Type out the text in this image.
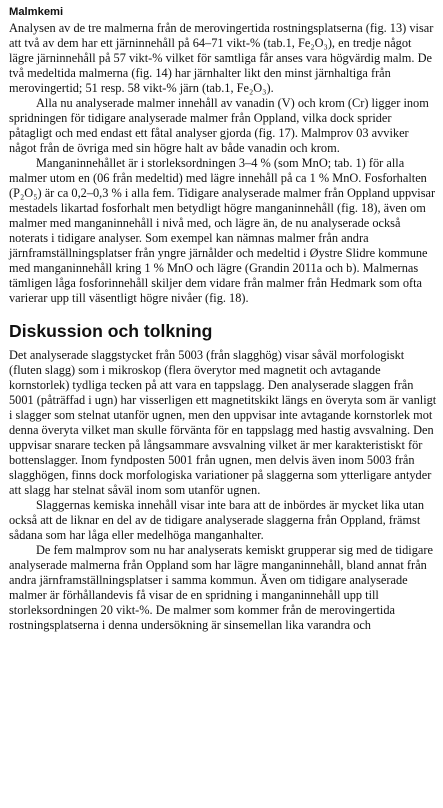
Malmkemi

Analysen av de tre malmerna från de merovingertida rostningsplatserna (fig. 13) visar att två av dem har ett järninnehåll på 64–71 vikt-% (tab.1, Fe₂O₃), en tredje något lägre järninnehåll på 57 vikt-% vilket för samtliga får anses vara högvärdig malm. De två medeltida malmerna (fig. 14) har järnhalter likt den minst järnhaltiga från merovingertid; 51 resp. 58 vikt-% järn (tab.1, Fe₂O₃).

Alla nu analyserade malmer innehåll av vanadin (V) och krom (Cr) ligger inom spridningen för tidigare analyserade malmer från Oppland, vilka dock sprider påtagligt och med endast ett fåtal analyser gjorda (fig. 17). Malmprov 03 avviker något från de övriga med sin högre halt av både vanadin och krom.

Manganinnehållet är i storleksordningen 3–4 % (som MnO; tab. 1) för alla malmer utom en (06 från medeltid) med lägre innehåll på ca 1 % MnO. Fosforhalten (P₂O₅) är ca 0,2–0,3 % i alla fem. Tidigare analyserade malmer från Oppland uppvisar mestadels likartad fosforhalt men betydligt högre manganinnehåll (fig. 18), även om malmer med manganinnehåll i nivå med, och lägre än, de nu analyserade också noterats i tidigare analyser. Som exempel kan nämnas malmer från andra järnframställningsplatser från yngre järnålder och medeltid i Øystre Slidre kommune med manganinnehåll kring 1 % MnO och lägre (Grandin 2011a och b). Malmernas tämligen låga fosforinnehåll skiljer dem vidare från malmer från Hedmark som ofta varierar upp till väsentligt högre nivåer (fig. 18).

Diskussion och tolkning

Det analyserade slaggstycket från 5003 (från slagghög) visar såväl morfologiskt (fluten slagg) som i mikroskop (flera överytor med magnetit och avtagande kornstorlek) tydliga tecken på att vara en tappslagg. Den analyserade slaggen från 5001 (påträffad i ugn) har visserligen ett magnetitskikt längs en överyta som är vanligt i slagger som stelnat utanför ugnen, men den uppvisar inte avtagande kornstorlek mot denna överyta vilket man skulle förvänta för en tappslagg med hastig avsvalning. Den uppvisar snarare tecken på långsammare avsvalning vilket är mer karakteristiskt för bottenslagger. Inom fyndposten 5001 från ugnen, men delvis även inom 5003 från slagghögen, finns dock morfologiska variationer på slaggerna som ytterligare antyder att slagg har stelnat såväl inom som utanför ugnen.

Slaggernas kemiska innehåll visar inte bara att de inbördes är mycket lika utan också att de liknar en del av de tidigare analyserade slaggerna från Oppland, främst sådana som har låga eller medelhöga manganhalter.

De fem malmprov som nu har analyserats kemiskt grupperar sig med de tidigare analyserade malmerna från Oppland som har lägre manganinnehåll, bland annat från andra järnframställningsplatser i samma kommun. Även om tidigare analyserade malmer är förhållandevis få visar de en spridning i manganinnehåll upp till storleksordningen 20 vikt-%. De malmer som kommer från de merovingertida rostningsplatserna i denna undersökning är sinsemellan lika varandra och
